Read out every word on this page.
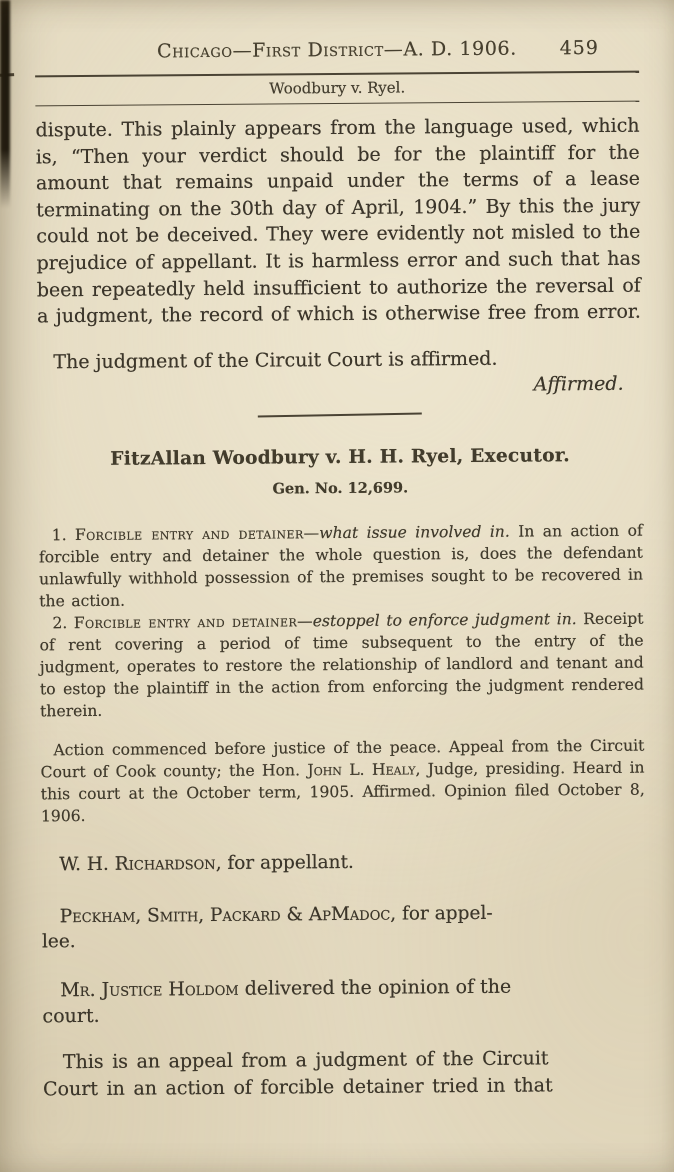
Chicago—First District—A. D. 1906. 459
Woodbury v. Ryel.

dispute. This plainly appears from the language used, which is, “Then your verdict should be for the plaintiff for the amount that remains unpaid under the terms of a lease terminating on the 30th day of April, 1904.” By this the jury could not be deceived. They were evidently not misled to the prejudice of appellant. It is harmless error and such that has been repeatedly held insufficient to authorize the reversal of a judgment, the record of which is otherwise free from error.

The judgment of the Circuit Court is affirmed.
Affirmed.
FitzAllan Woodbury v. H. H. Ryel, Executor.
Gen. No. 12,699.

1. Forcible entry and detainer—what issue involved in. In an action of forcible entry and detainer the whole question is, does the defendant unlawfully withhold possession of the premises sought to be recovered in the action.

2. Forcible entry and detainer—estoppel to enforce judgment in. Receipt of rent covering a period of time subsequent to the entry of the judgment, operates to restore the relationship of landlord and tenant and to estop the plaintiff in the action from enforcing the judgment rendered therein.

Action commenced before justice of the peace. Appeal from the Circuit Court of Cook county; the Hon. John L. Healy, Judge, presiding. Heard in this court at the October term, 1905. Affirmed. Opinion filed October 8, 1906.

W. H. Richardson, for appellant.

Peckham, Smith, Packard & ApMadoc, for appel-
lee.

Mr. Justice Holdom delivered the opinion of the
court.

This is an appeal from a judgment of the Circuit
Court in an action of forcible detainer tried in that
